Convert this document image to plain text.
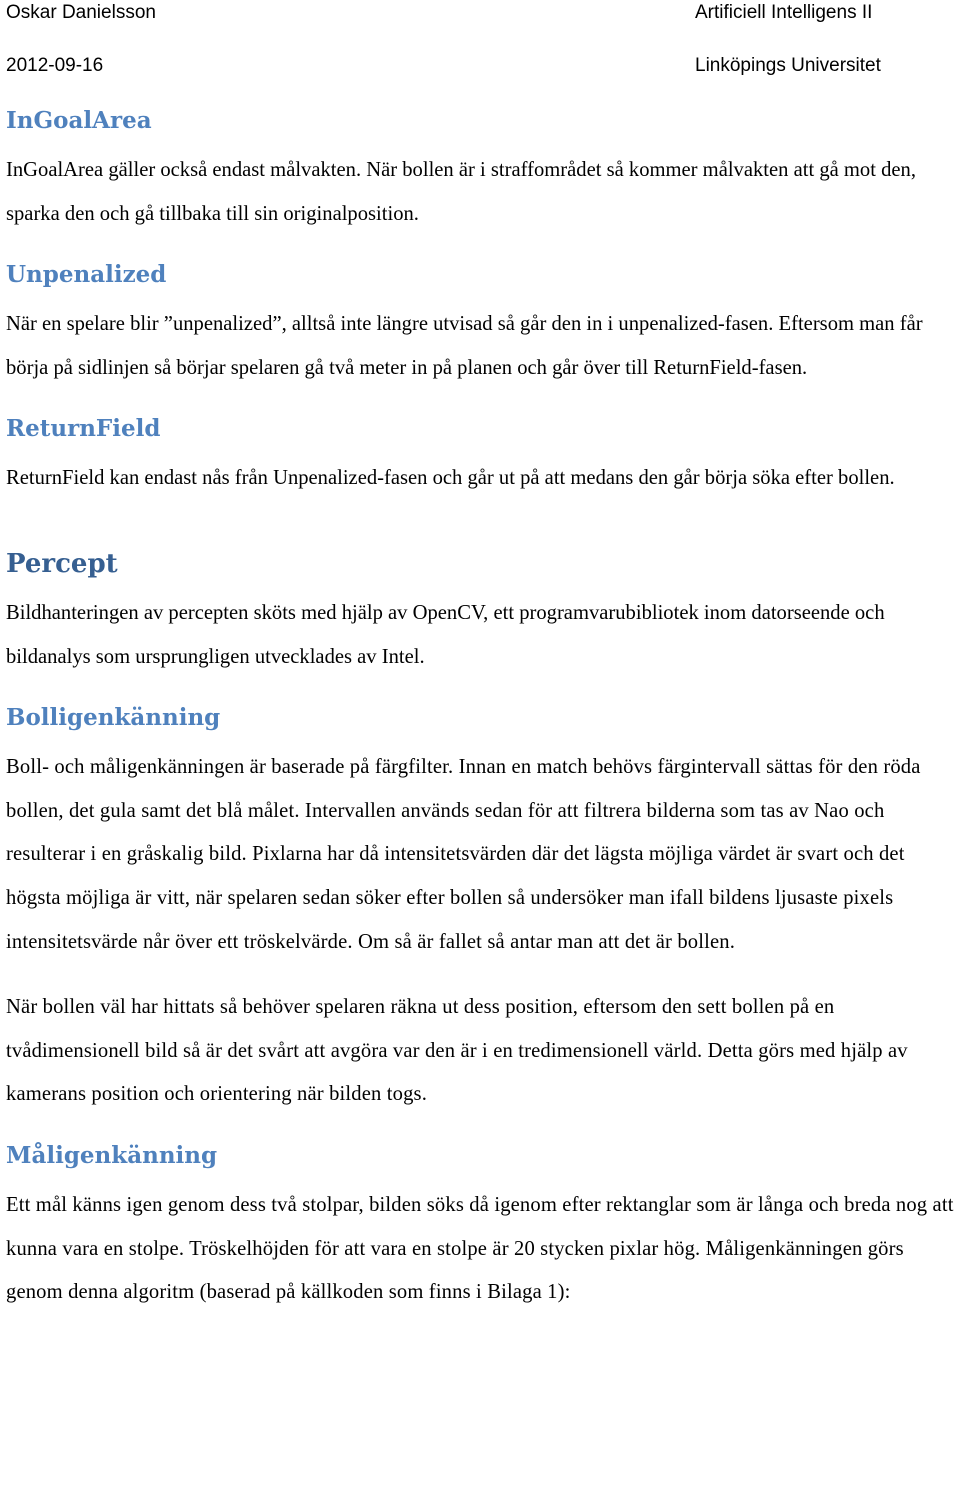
Oskar Danielsson	Artificiell Intelligens II
2012-09-16	Linköpings Universitet
InGoalArea

InGoalArea gäller också endast målvakten. När bollen är i straffområdet så kommer målvakten att gå mot den, sparka den och gå tillbaka till sin originalposition.

Unpenalized

När en spelare blir ”unpenalized”, alltså inte längre utvisad så går den in i unpenalized-fasen. Eftersom man får börja på sidlinjen så börjar spelaren gå två meter in på planen och går över till ReturnField-fasen.

ReturnField

ReturnField kan endast nås från Unpenalized-fasen och går ut på att medans den går börja söka efter bollen.

Percept

Bildhanteringen av percepten sköts med hjälp av OpenCV, ett programvarubibliotek inom datorseende och bildanalys som ursprungligen utvecklades av Intel.

Bolligenkänning

Boll- och måligenkänningen är baserade på färgfilter. Innan en match behövs färgintervall sättas för den röda bollen, det gula samt det blå målet. Intervallen används sedan för att filtrera bilderna som tas av Nao och resulterar i en gråskalig bild. Pixlarna har då intensitetsvärden där det lägsta möjliga värdet är svart och det högsta möjliga är vitt, när spelaren sedan söker efter bollen så undersöker man ifall bildens ljusaste pixels intensitetsvärde når över ett tröskelvärde. Om så är fallet så antar man att det är bollen.

När bollen väl har hittats så behöver spelaren räkna ut dess position, eftersom den sett bollen på en tvådimensionell bild så är det svårt att avgöra var den är i en tredimensionell värld. Detta görs med hjälp av kamerans position och orientering när bilden togs.

Måligenkänning

Ett mål känns igen genom dess två stolpar, bilden söks då igenom efter rektanglar som är långa och breda nog att kunna vara en stolpe. Tröskelhöjden för att vara en stolpe är 20 stycken pixlar hög. Måligenkänningen görs genom denna algoritm (baserad på källkoden som finns i Bilaga 1):
